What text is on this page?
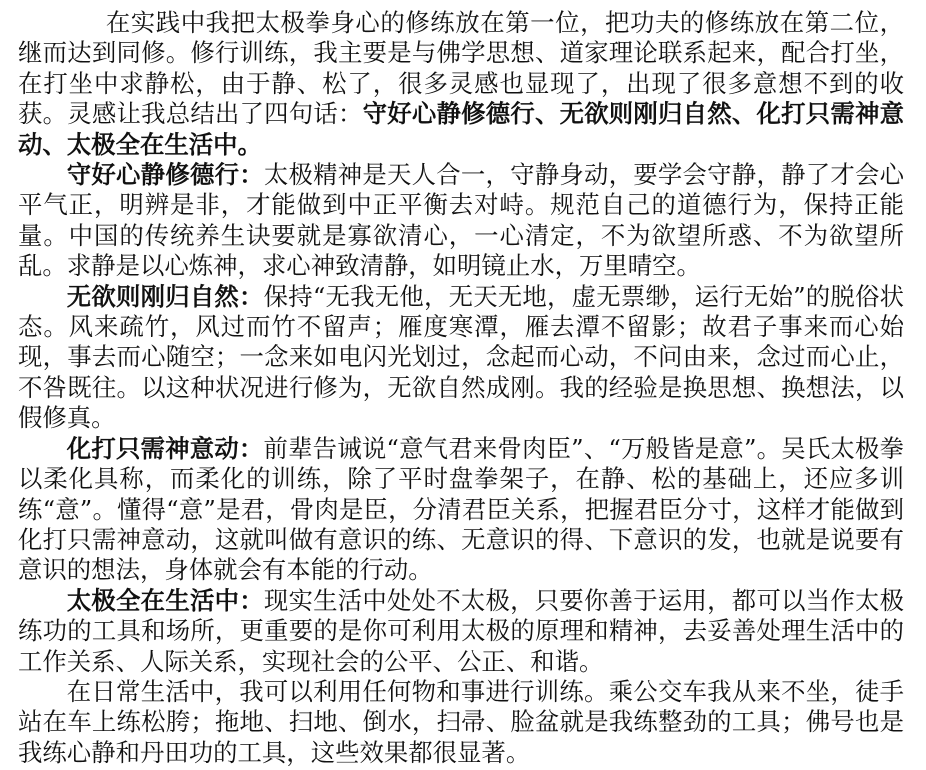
在实践中我把太极拳身心的修练放在第一位，把功夫的修练放在第二位，继而达到同修。修行训练，我主要是与佛学思想、道家理论联系起来，配合打坐，在打坐中求静松，由于静、松了，很多灵感也显现了，出现了很多意想不到的收获。灵感让我总结出了四句话：守好心静修德行、无欲则刚归自然、化打只需神意动、太极全在生活中。

守好心静修德行：太极精神是天人合一，守静身动，要学会守静，静了才会心平气正，明辨是非，才能做到中正平衡去对峙。规范自己的道德行为，保持正能量。中国的传统养生诀要就是寡欲清心，一心清定，不为欲望所惑、不为欲望所乱。求静是以心炼神，求心神致清静，如明镜止水，万里晴空。

无欲则刚归自然：保持“无我无他，无天无地，虚无票缈，运行无始”的脱俗状态。风来疏竹，风过而竹不留声；雁度寒潭，雁去潭不留影；故君子事来而心始现，事去而心随空；一念来如电闪光划过，念起而心动，不问由来，念过而心止，不咎既往。以这种状况进行修为，无欲自然成刚。我的经验是换思想、换想法，以假修真。

化打只需神意动：前辈告诫说“意气君来骨肉臣”、“万般皆是意”。吴氏太极拳以柔化具称，而柔化的训练，除了平时盘拳架子，在静、松的基础上，还应多训练“意”。懂得“意”是君，骨肉是臣，分清君臣关系，把握君臣分寸，这样才能做到化打只需神意动，这就叫做有意识的练、无意识的得、下意识的发，也就是说要有意识的想法，身体就会有本能的行动。

太极全在生活中：现实生活中处处不太极，只要你善于运用，都可以当作太极练功的工具和场所，更重要的是你可利用太极的原理和精神，去妥善处理生活中的工作关系、人际关系，实现社会的公平、公正、和谐。

在日常生活中，我可以利用任何物和事进行训练。乘公交车我从来不坐，徒手站在车上练松胯；拖地、扫地、倒水，扫帚、脸盆就是我练整劲的工具；佛号也是我练心静和丹田功的工具，这些效果都很显著。
